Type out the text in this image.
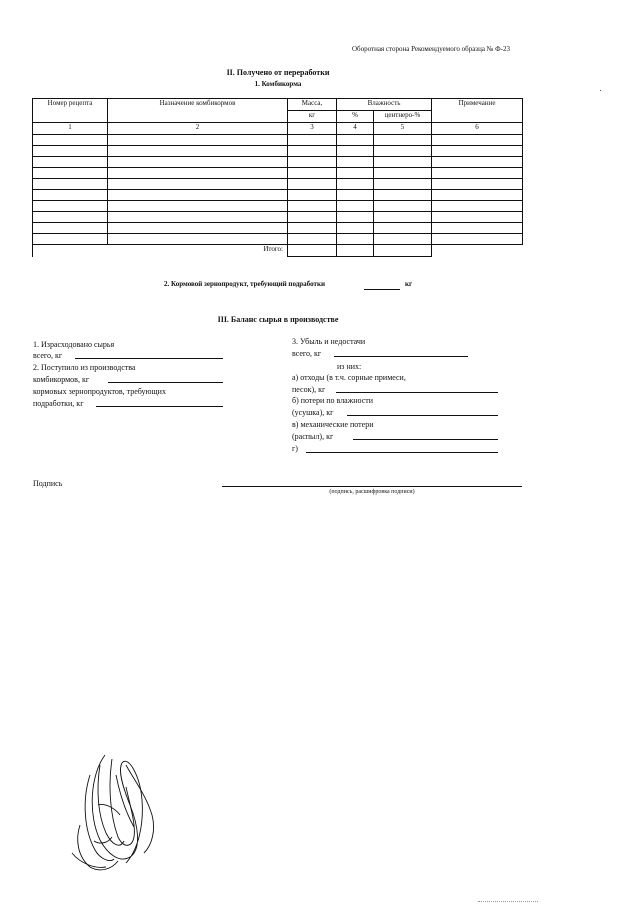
Оборотная сторона Рекомендуемого образца № Ф-23
II. Получено от переработки
1. Комбикорма
Номер рецепта	Назначение комбикормов	Масса,	Влажность		Примечание
		кг	%	центнеро-%	
1	2	3	4	5	6

Итого:					
2. Кормовой зернопродукт, требующий подработки	кг
III. Баланс сырья в производстве
1. Израсходовано сырья
всего, кг
2. Поступило из производства
комбикормов, кг
кормовых зернопродуктов, требующих
подработки, кг
3. Убыль и недостачи
всего, кг
из них:
а) отходы (в т.ч. сорные примеси,
песок), кг
б) потери по влажности
(усушка), кг
в) механические потери
(распыл), кг
г)
Подпись
(подпись, расшифровка подписи)
